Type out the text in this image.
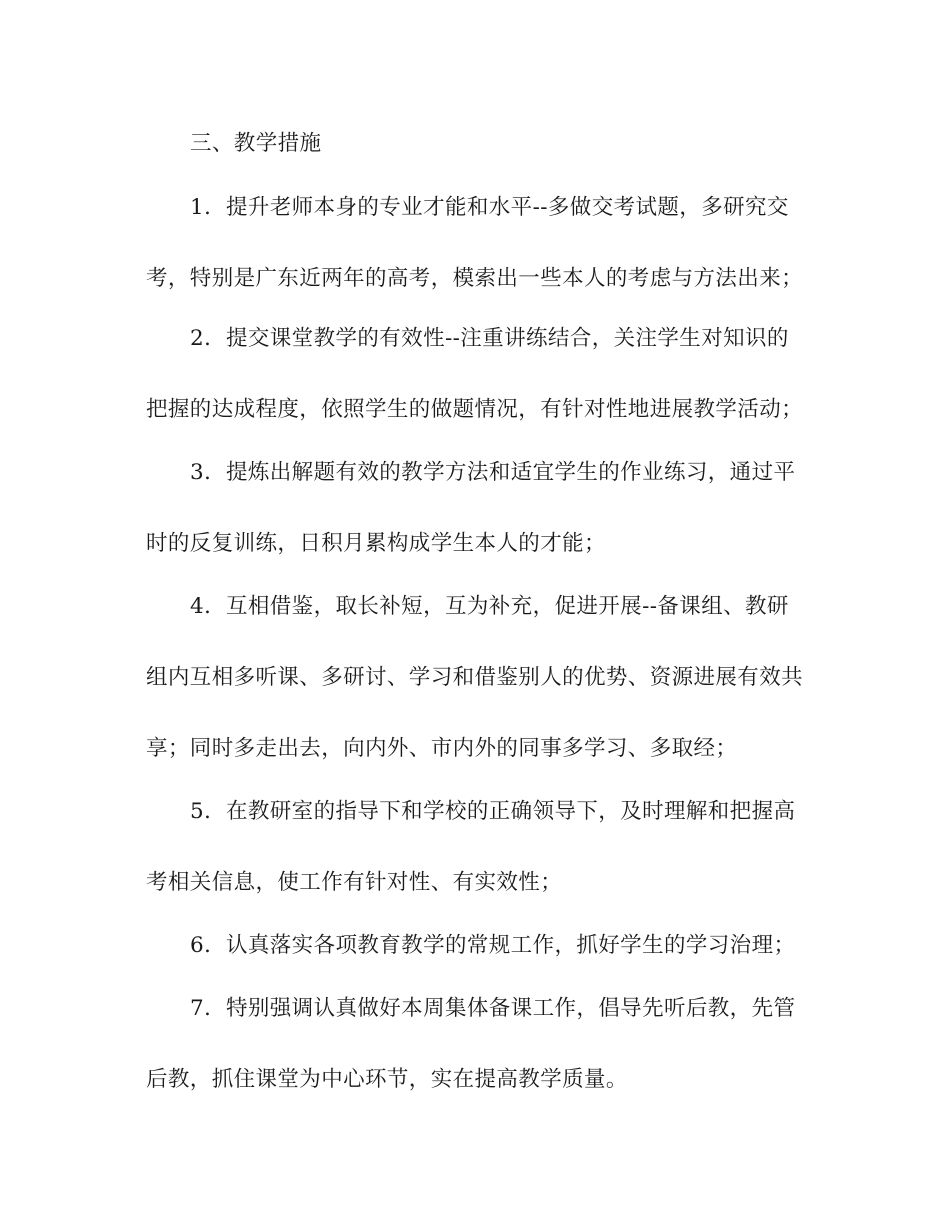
三、教学措施
1．提升老师本身的专业才能和水平--多做交考试题，多研究交
考，特别是广东近两年的高考，模索出一些本人的考虑与方法出来；
2．提交课堂教学的有效性--注重讲练结合，关注学生对知识的
把握的达成程度，依照学生的做题情况，有针对性地进展教学活动；
3．提炼出解题有效的教学方法和适宜学生的作业练习，通过平
时的反复训练，日积月累构成学生本人的才能；
4．互相借鉴，取长补短，互为补充，促进开展--备课组、教研
组内互相多听课、多研讨、学习和借鉴别人的优势、资源进展有效共
享；同时多走出去，向内外、市内外的同事多学习、多取经；
5．在教研室的指导下和学校的正确领导下，及时理解和把握高
考相关信息，使工作有针对性、有实效性；
6．认真落实各项教育教学的常规工作，抓好学生的学习治理；
7．特别强调认真做好本周集体备课工作，倡导先听后教，先管
后教，抓住课堂为中心环节，实在提高教学质量。
